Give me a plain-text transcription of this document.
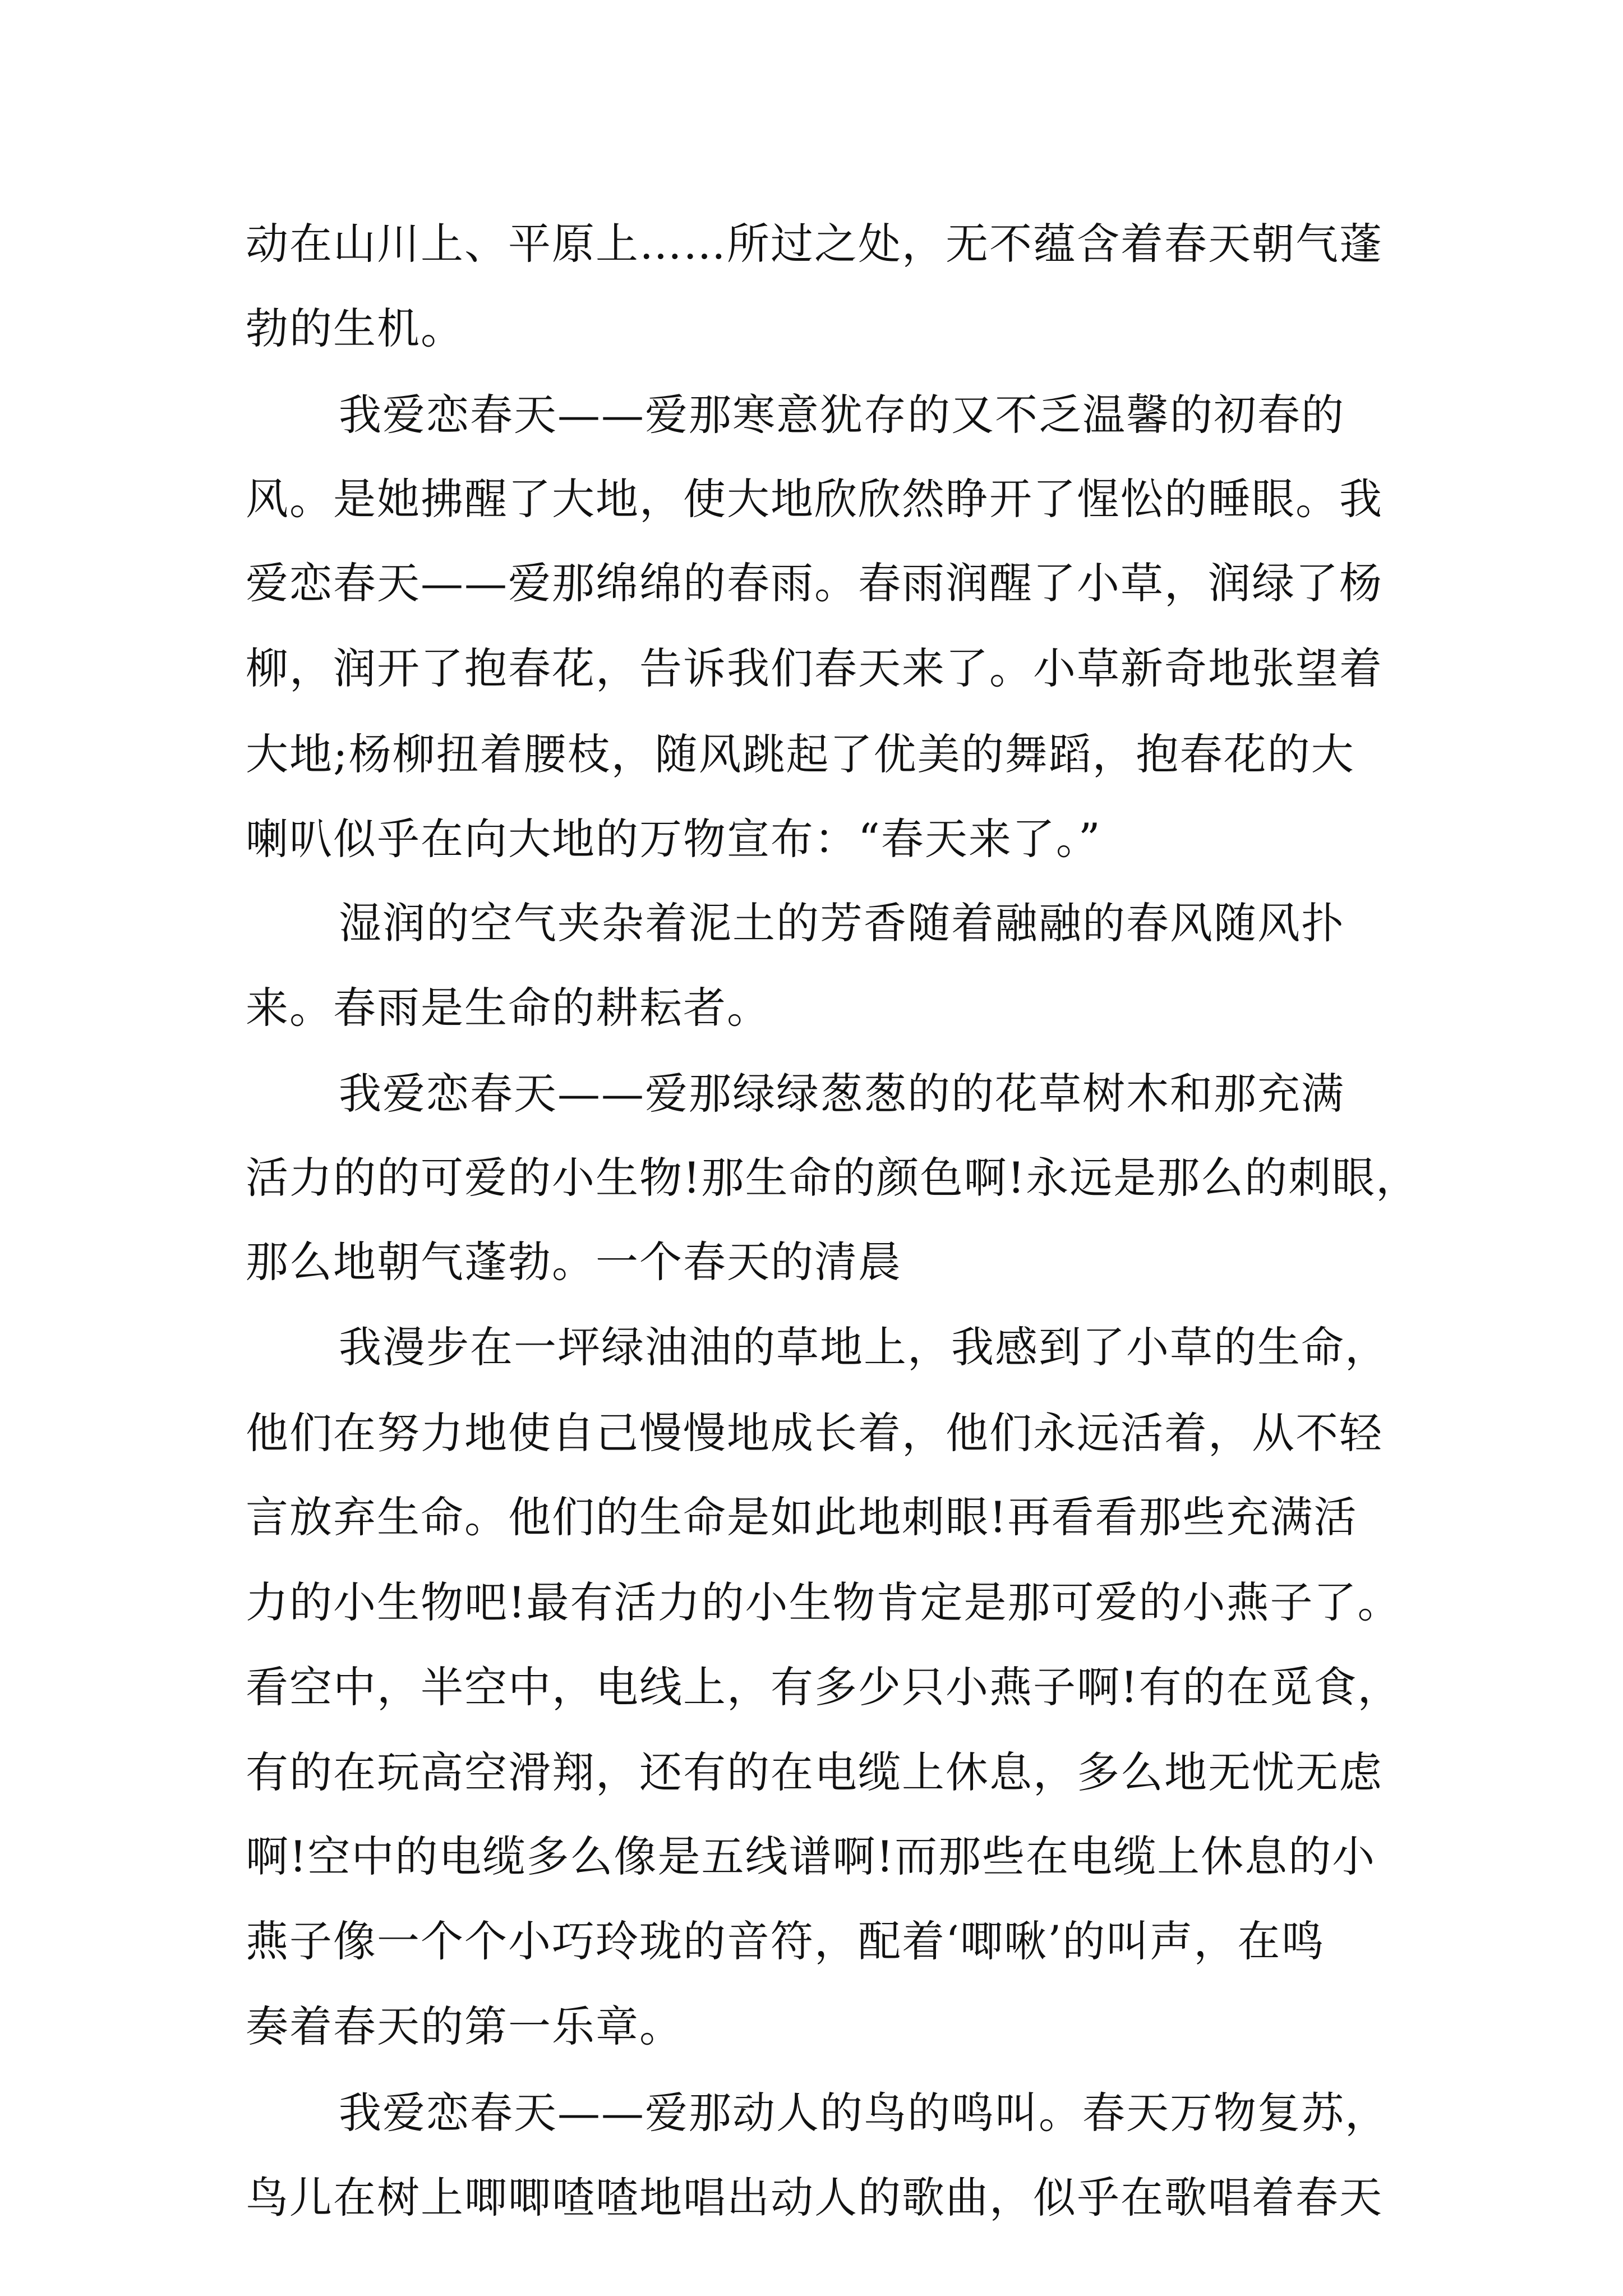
动在山川上、平原上……所过之处，无不蕴含着春天朝气蓬
勃的生机。
我爱恋春天——爱那寒意犹存的又不乏温馨的初春的
风。是她拂醒了大地，使大地欣欣然睁开了惺忪的睡眼。我
爱恋春天——爱那绵绵的春雨。春雨润醒了小草，润绿了杨
柳，润开了抱春花，告诉我们春天来了。小草新奇地张望着
大地;杨柳扭着腰枝，随风跳起了优美的舞蹈，抱春花的大
喇叭似乎在向大地的万物宣布：“春天来了。”
湿润的空气夹杂着泥土的芳香随着融融的春风随风扑
来。春雨是生命的耕耘者。
我爱恋春天——爱那绿绿葱葱的的花草树木和那充满
活力的的可爱的小生物!那生命的颜色啊!永远是那么的刺眼，
那么地朝气蓬勃。一个春天的清晨
我漫步在一坪绿油油的草地上，我感到了小草的生命，
他们在努力地使自己慢慢地成长着，他们永远活着，从不轻
言放弃生命。他们的生命是如此地刺眼!再看看那些充满活
力的小生物吧!最有活力的小生物肯定是那可爱的小燕子了。
看空中，半空中，电线上，有多少只小燕子啊!有的在觅食，
有的在玩高空滑翔，还有的在电缆上休息，多么地无忧无虑
啊!空中的电缆多么像是五线谱啊!而那些在电缆上休息的小
燕子像一个个小巧玲珑的音符，配着‘唧啾’的叫声，在鸣
奏着春天的第一乐章。
我爱恋春天——爱那动人的鸟的鸣叫。春天万物复苏，
鸟儿在树上唧唧喳喳地唱出动人的歌曲，似乎在歌唱着春天
